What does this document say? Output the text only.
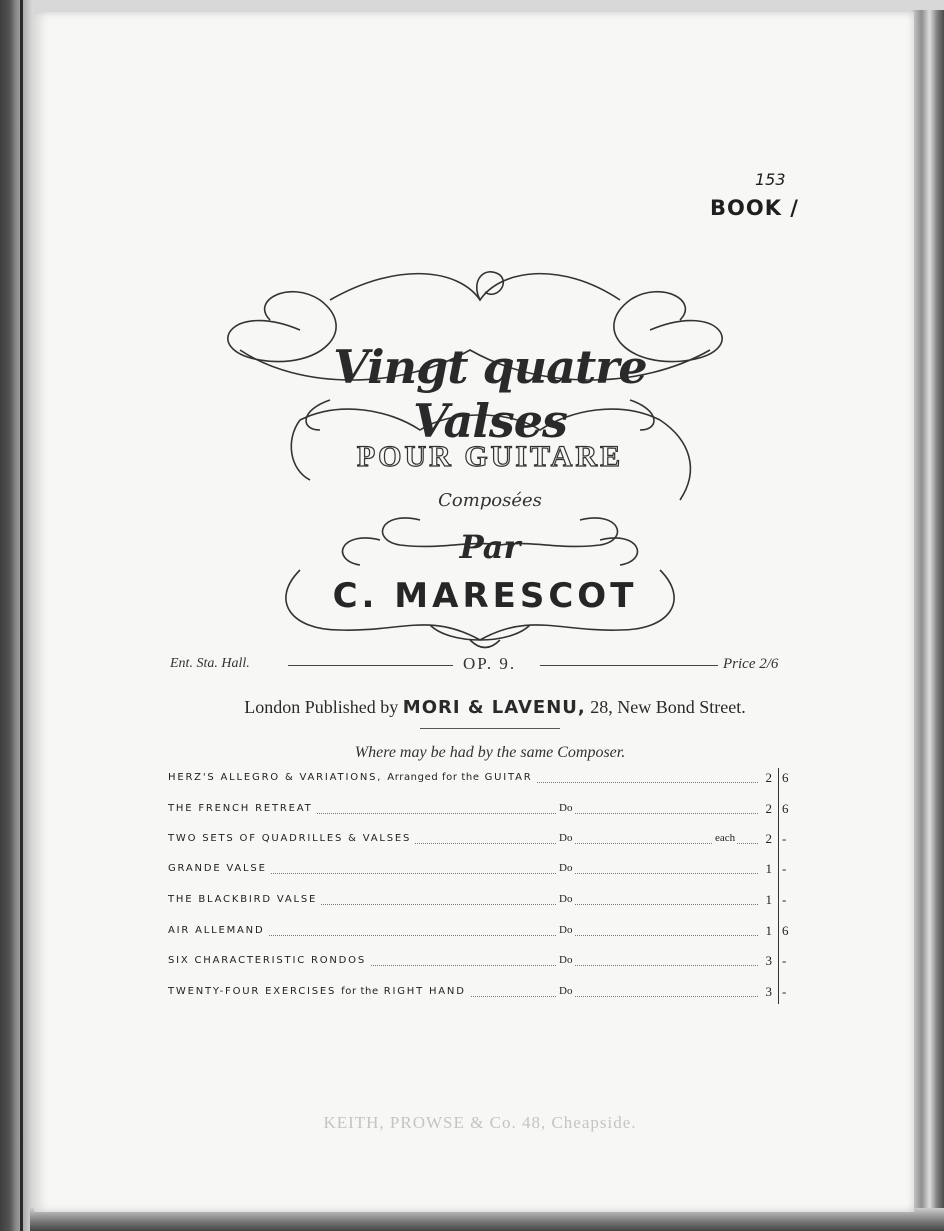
153
BOOK /
Vingt quatre Valses
POUR GUITARE
Composées
Par
C. MARESCOT
Ent. Sta. Hall.	OP. 9.	Price 2/6
London Published by MORI & LAVENU, 28, New Bond Street.
Where may be had by the same Composer.
HERZ'S ALLEGRO & VARIATIONS, Arranged for the GUITAR	2 6
THE FRENCH RETREAT	Do	2 6
TWO SETS OF QUADRILLES & VALSES	Do	each	2 -
GRANDE VALSE	Do	1 -
THE BLACKBIRD VALSE	Do	1 -
AIR ALLEMAND	Do	1 6
SIX CHARACTERISTIC RONDOS	Do	3 -
TWENTY-FOUR EXERCISES for the RIGHT HAND	Do	3 -
KEITH, PROWSE & Co. 48, Cheapside.
